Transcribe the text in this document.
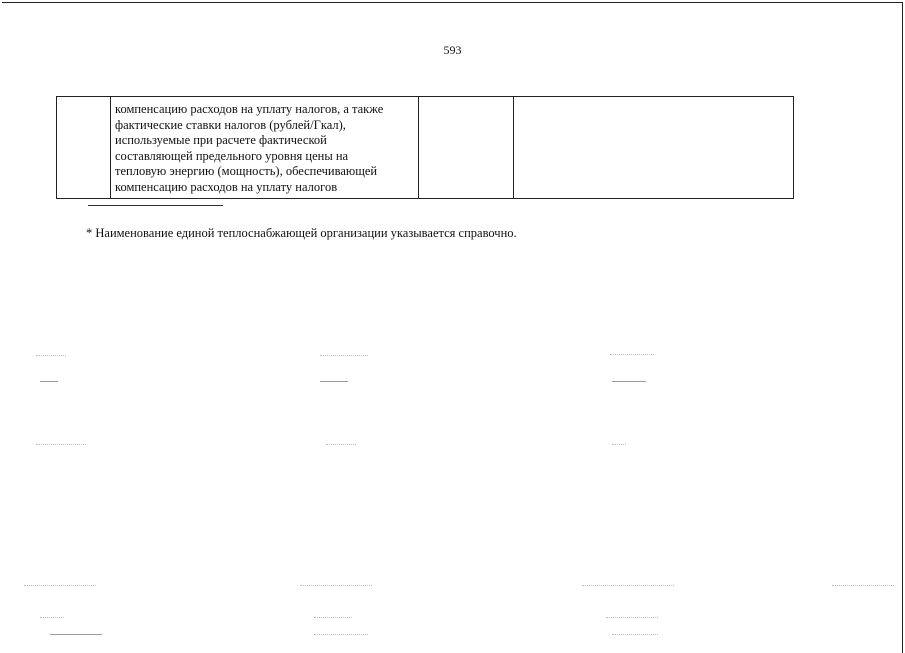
593

компенсацию расходов на уплату налогов, а также
фактические ставки налогов (рублей/Гкал),
используемые при расчете фактической
составляющей предельного уровня цены на
тепловую энергию (мощность), обеспечивающей
компенсацию расходов на уплату налогов

* Наименование единой теплоснабжающей организации указывается справочно.
